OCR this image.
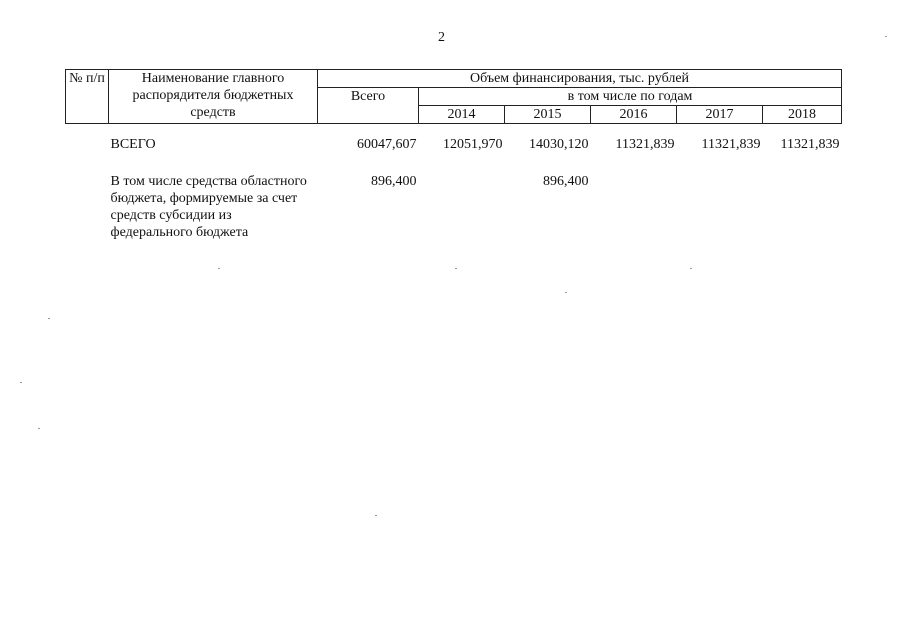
2
№ п/п	Наименование главного распорядителя бюджетных средств	Объем финансирования, тыс. рублей					
		Всего	в том числе по годам				
			2014	2015	2016	2017	2018

	ВСЕГО	60047,607	12051,970	14030,120	11321,839	11321,839	11321,839

	В том числе средства областного бюджета, формируемые за счет средств субсидии из федерального бюджета	896,400		896,400			
